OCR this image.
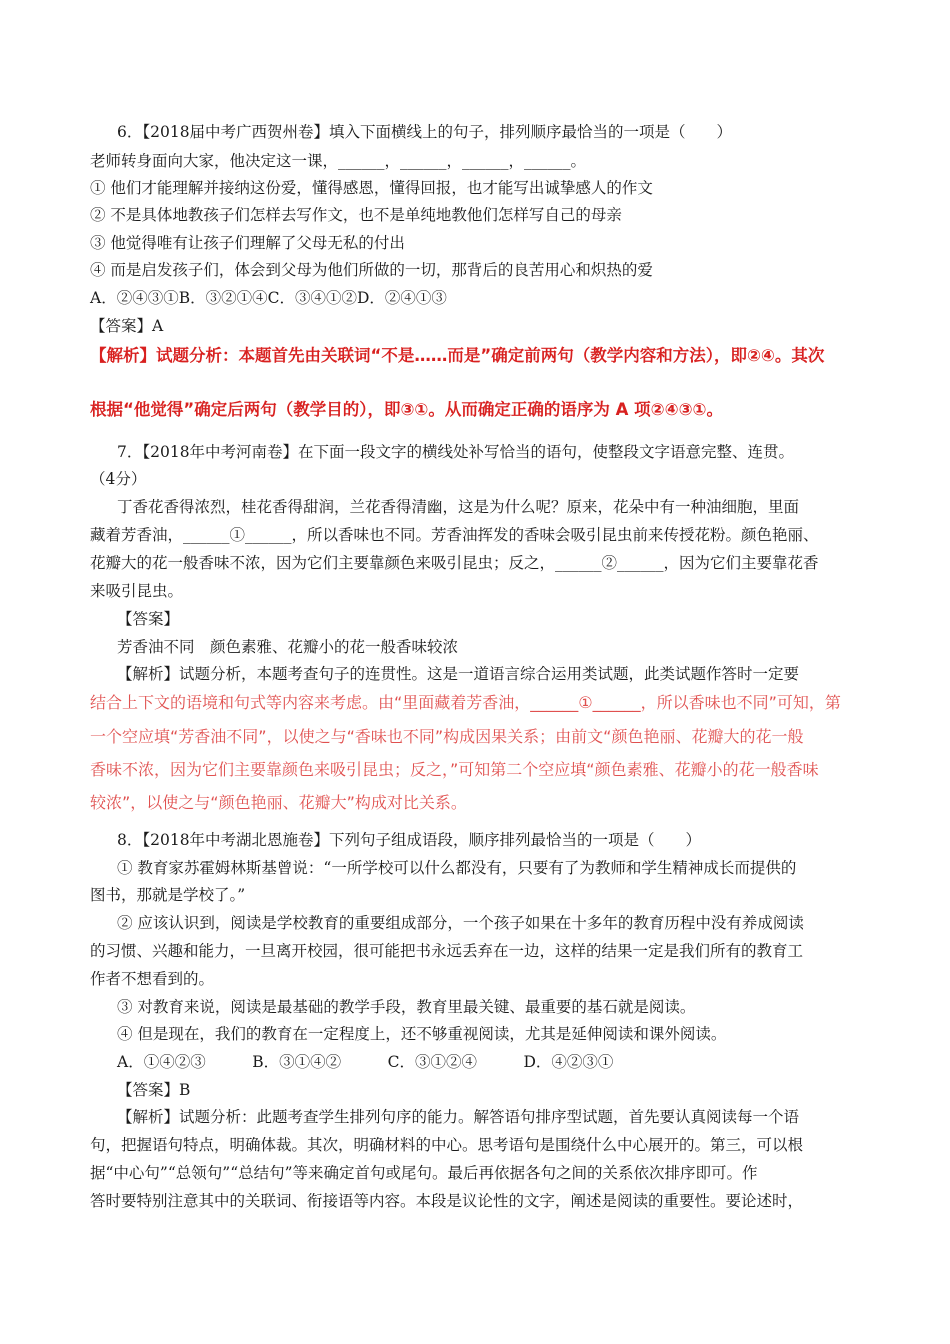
6．【2018届中考广西贺州卷】填入下面横线上的句子，排列顺序最恰当的一项是（　　）
老师转身面向大家，他决定这一课，______，______，______，______。
① 他们才能理解并接纳这份爱，懂得感恩，懂得回报，也才能写出诚挚感人的作文
② 不是具体地教孩子们怎样去写作文，也不是单纯地教他们怎样写自己的母亲
③ 他觉得唯有让孩子们理解了父母无私的付出
④ 而是启发孩子们，体会到父母为他们所做的一切，那背后的良苦用心和炽热的爱
A．②④③①B．③②①④C．③④①②D．②④①③
【答案】A
【解析】试题分析：本题首先由关联词“不是……而是”确定前两句（教学内容和方法），即②④。其次
根据“他觉得”确定后两句（教学目的），即③①。从而确定正确的语序为 A 项②④③①。
7．【2018年中考河南卷】在下面一段文字的横线处补写恰当的语句，使整段文字语意完整、连贯。
（4分）
丁香花香得浓烈，桂花香得甜润，兰花香得清幽，这是为什么呢？原来，花朵中有一种油细胞，里面
藏着芳香油，______①______，所以香味也不同。芳香油挥发的香味会吸引昆虫前来传授花粉。颜色艳丽、
花瓣大的花一般香味不浓，因为它们主要靠颜色来吸引昆虫；反之，______②______，因为它们主要靠花香
来吸引昆虫。
【答案】
芳香油不同　颜色素雅、花瓣小的花一般香味较浓
【解析】试题分析，本题考查句子的连贯性。这是一道语言综合运用类试题，此类试题作答时一定要
结合上下文的语境和句式等内容来考虑。由“里面藏着芳香油，______①______，所以香味也不同”可知，第
一个空应填“芳香油不同”，以使之与“香味也不同”构成因果关系；由前文“颜色艳丽、花瓣大的花一般
香味不浓，因为它们主要靠颜色来吸引昆虫；反之，”可知第二个空应填“颜色素雅、花瓣小的花一般香味
较浓”，以使之与“颜色艳丽、花瓣大”构成对比关系。
8．【2018年中考湖北恩施卷】下列句子组成语段，顺序排列最恰当的一项是（　　）
① 教育家苏霍姆林斯基曾说：“一所学校可以什么都没有，只要有了为教师和学生精神成长而提供的
图书，那就是学校了。”
② 应该认识到，阅读是学校教育的重要组成部分，一个孩子如果在十多年的教育历程中没有养成阅读
的习惯、兴趣和能力，一旦离开校园，很可能把书永远丢弃在一边，这样的结果一定是我们所有的教育工
作者不想看到的。
③ 对教育来说，阅读是最基础的教学手段，教育里最关键、最重要的基石就是阅读。
④ 但是现在，我们的教育在一定程度上，还不够重视阅读，尤其是延伸阅读和课外阅读。
A．①④②③　　　B．③①④②　　　C．③①②④　　　D．④②③①
【答案】B
【解析】试题分析：此题考查学生排列句序的能力。解答语句排序型试题，首先要认真阅读每一个语
句，把握语句特点，明确体裁。其次，明确材料的中心。思考语句是围绕什么中心展开的。第三，可以根
据“中心句”“总领句”“总结句”等来确定首句或尾句。最后再依据各句之间的关系依次排序即可。作
答时要特别注意其中的关联词、衔接语等内容。本段是议论性的文字，阐述是阅读的重要性。要论述时，
